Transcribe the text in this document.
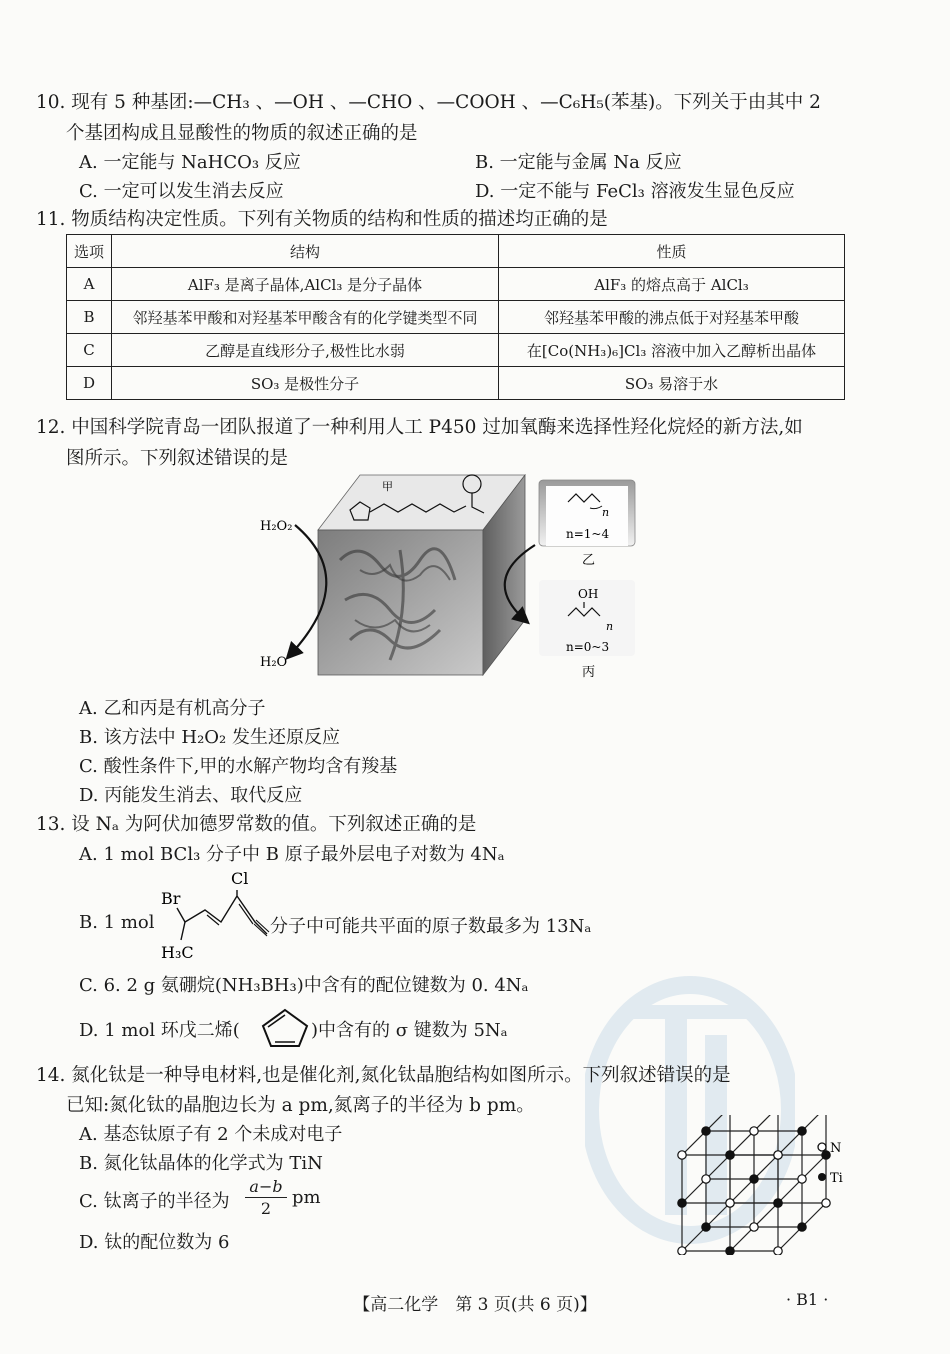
10. 现有 5 种基团:—CH₃ 、—OH 、—CHO 、—COOH 、—C₆H₅(苯基)。下列关于由其中 2
个基团构成且显酸性的物质的叙述正确的是
A. 一定能与 NaHCO₃ 反应	B. 一定能与金属 Na 反应
C. 一定可以发生消去反应	D. 一定不能与 FeCl₃ 溶液发生显色反应
11. 物质结构决定性质。下列有关物质的结构和性质的描述均正确的是
选项	结构	性质
A	AlF₃ 是离子晶体,AlCl₃ 是分子晶体	AlF₃ 的熔点高于 AlCl₃
B	邻羟基苯甲酸和对羟基苯甲酸含有的化学键类型不同	邻羟基苯甲酸的沸点低于对羟基苯甲酸
C	乙醇是直线形分子,极性比水弱	在[Co(NH₃)₆]Cl₃ 溶液中加入乙醇析出晶体
D	SO₃ 是极性分子	SO₃ 易溶于水
12. 中国科学院青岛一团队报道了一种利用人工 P450 过加氧酶来选择性羟化烷烃的新方法,如
图所示。下列叙述错误的是
甲
H₂O₂
H₂O
n
n=1~4
乙
OH
n
n=0~3
丙
A. 乙和丙是有机高分子
B. 该方法中 H₂O₂ 发生还原反应
C. 酸性条件下,甲的水解产物均含有羧基
D. 丙能发生消去、取代反应
13. 设 Nₐ 为阿伏加德罗常数的值。下列叙述正确的是
A. 1 mol BCl₃ 分子中 B 原子最外层电子对数为 4Nₐ
B. 1 mol
Br
Cl
H₃C
分子中可能共平面的原子数最多为 13Nₐ
C. 6. 2 g 氨硼烷(NH₃BH₃)中含有的配位键数为 0. 4Nₐ
D. 1 mol 环戊二烯(	)中含有的 σ 键数为 5Nₐ
14. 氮化钛是一种导电材料,也是催化剂,氮化钛晶胞结构如图所示。下列叙述错误的是
已知:氮化钛的晶胞边长为 a pm,氮离子的半径为 b pm。
A. 基态钛原子有 2 个未成对电子
B. 氮化钛晶体的化学式为 TiN
C. 钛离子的半径为
a−b
2
pm
D. 钛的配位数为 6
N
Ti
【高二化学　第 3 页(共 6 页)】	· B1 ·
